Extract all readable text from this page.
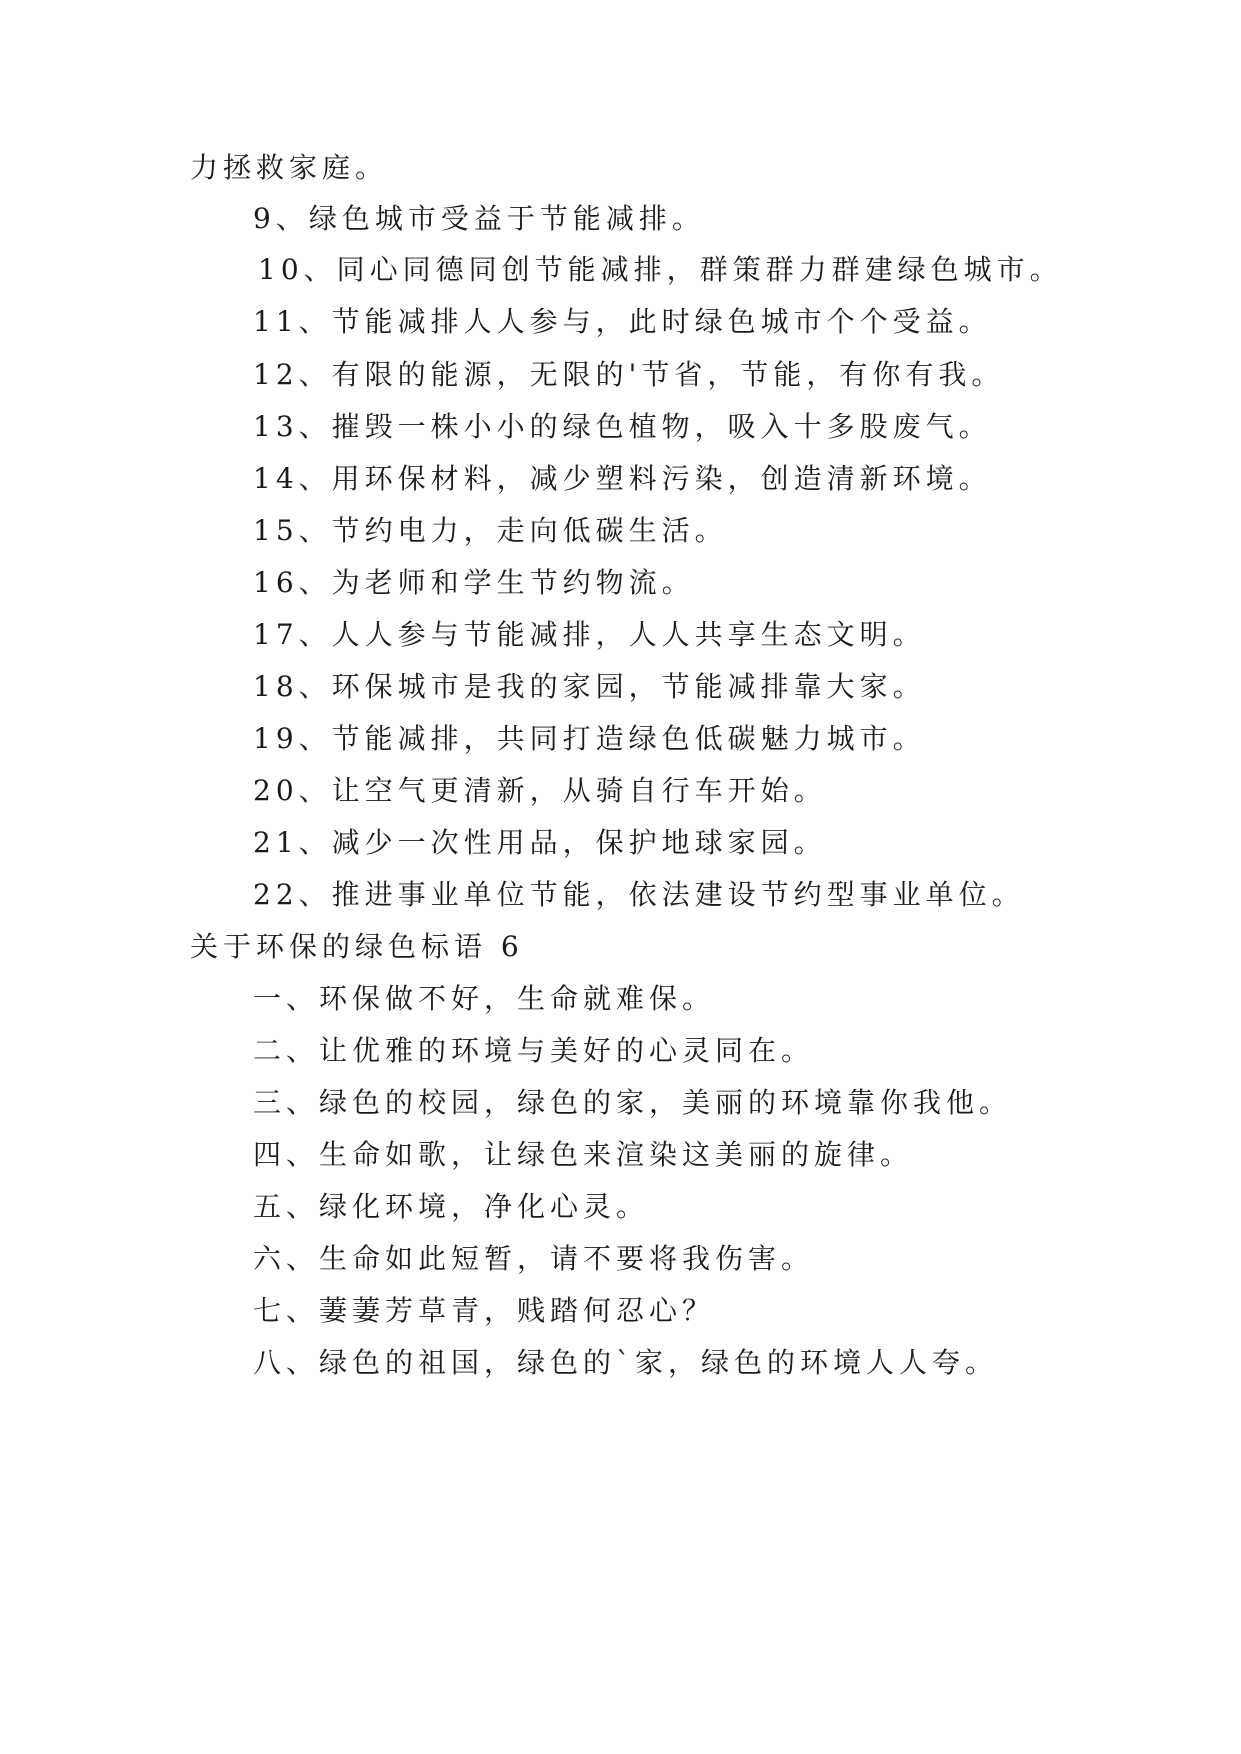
力拯救家庭。
9、绿色城市受益于节能减排。
10、同心同德同创节能减排，群策群力群建绿色城市。
11、节能减排人人参与，此时绿色城市个个受益。
12、有限的能源，无限的'节省，节能，有你有我。
13、摧毁一株小小的绿色植物，吸入十多股废气。
14、用环保材料，减少塑料污染，创造清新环境。
15、节约电力，走向低碳生活。
16、为老师和学生节约物流。
17、人人参与节能减排，人人共享生态文明。
18、环保城市是我的家园，节能减排靠大家。
19、节能减排，共同打造绿色低碳魅力城市。
20、让空气更清新，从骑自行车开始。
21、减少一次性用品，保护地球家园。
22、推进事业单位节能，依法建设节约型事业单位。
关于环保的绿色标语 6
一、环保做不好，生命就难保。
二、让优雅的环境与美好的心灵同在。
三、绿色的校园，绿色的家，美丽的环境靠你我他。
四、生命如歌，让绿色来渲染这美丽的旋律。
五、绿化环境，净化心灵。
六、生命如此短暂，请不要将我伤害。
七、萋萋芳草青，贱踏何忍心？
八、绿色的祖国，绿色的`家，绿色的环境人人夸。
